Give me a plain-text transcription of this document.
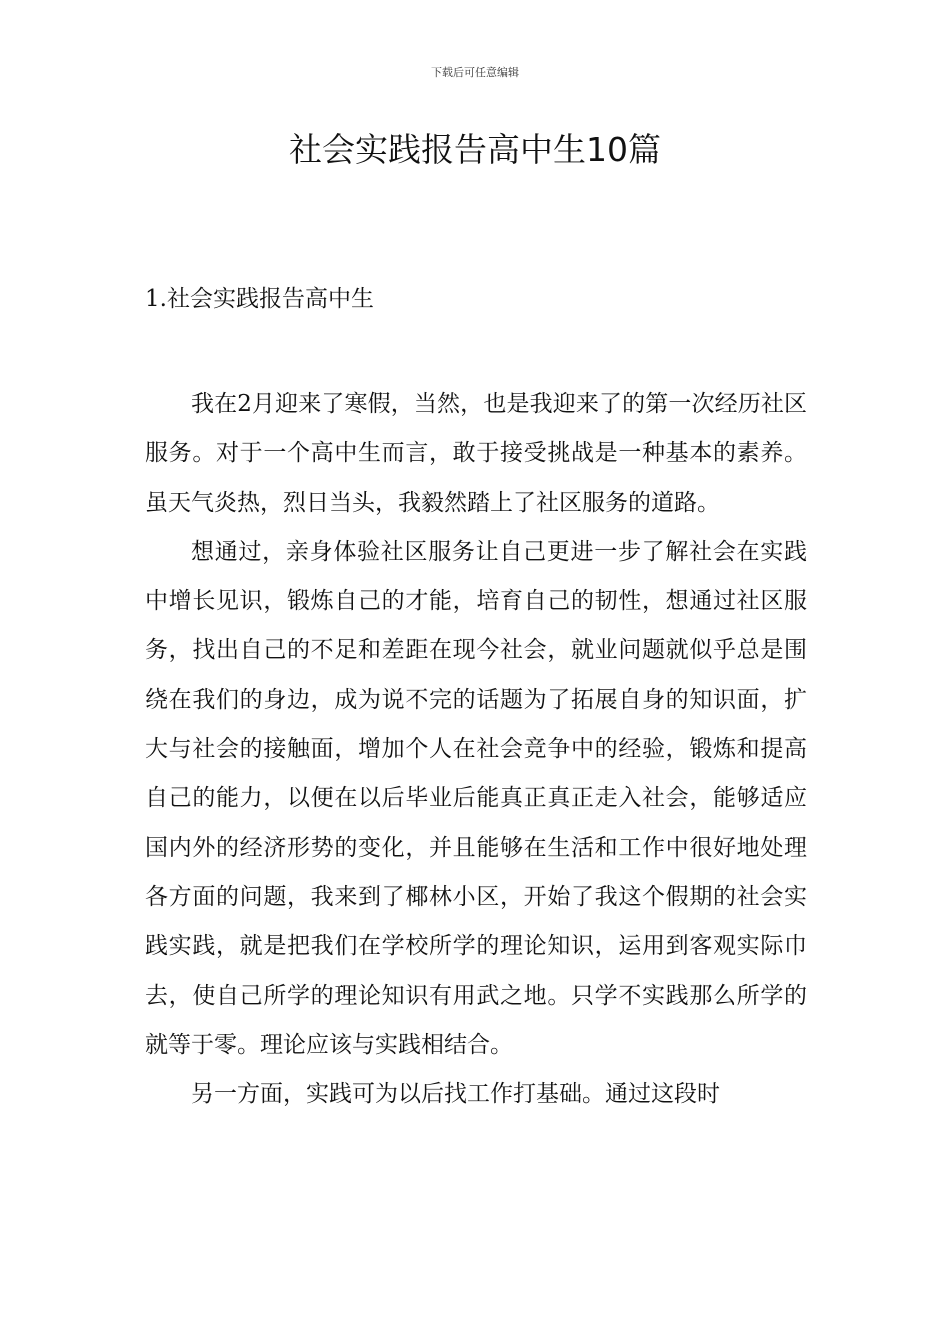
下载后可任意编辑
社会实践报告高中生10篇
1.社会实践报告高中生

我在2月迎来了寒假，当然，也是我迎来了的第一次经历社区服务。对于一个高中生而言，敢于接受挑战是一种基本的素养。虽天气炎热，烈日当头，我毅然踏上了社区服务的道路。

想通过，亲身体验社区服务让自己更进一步了解社会在实践中增长见识，锻炼自己的才能，培育自己的韧性，想通过社区服务，找出自己的不足和差距在现今社会，就业问题就似乎总是围绕在我们的身边，成为说不完的话题为了拓展自身的知识面，扩大与社会的接触面，增加个人在社会竞争中的经验，锻炼和提高自己的能力，以便在以后毕业后能真正真正走入社会，能够适应国内外的经济形势的变化，并且能够在生活和工作中很好地处理各方面的问题，我来到了椰林小区，开始了我这个假期的社会实践实践，就是把我们在学校所学的理论知识，运用到客观实际巾去，使自己所学的理论知识有用武之地。只学不实践那么所学的就等于零。理论应该与实践相结合。

另一方面，实践可为以后找工作打基础。通过这段时
